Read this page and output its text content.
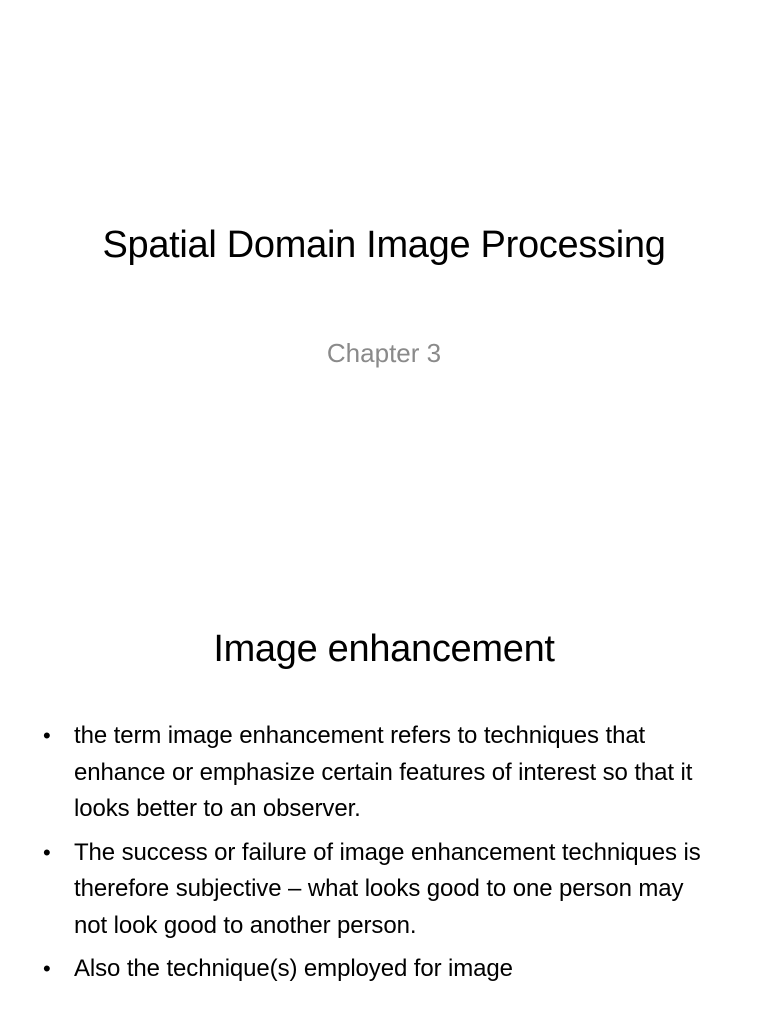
Spatial Domain Image Processing
Chapter 3
Image enhancement
• the term image enhancement refers to techniques that enhance or emphasize certain features of interest so that it looks better to an observer.
• The success or failure of image enhancement techniques is therefore subjective – what looks good to one person may not look good to another person.
• Also the technique(s) employed for image
